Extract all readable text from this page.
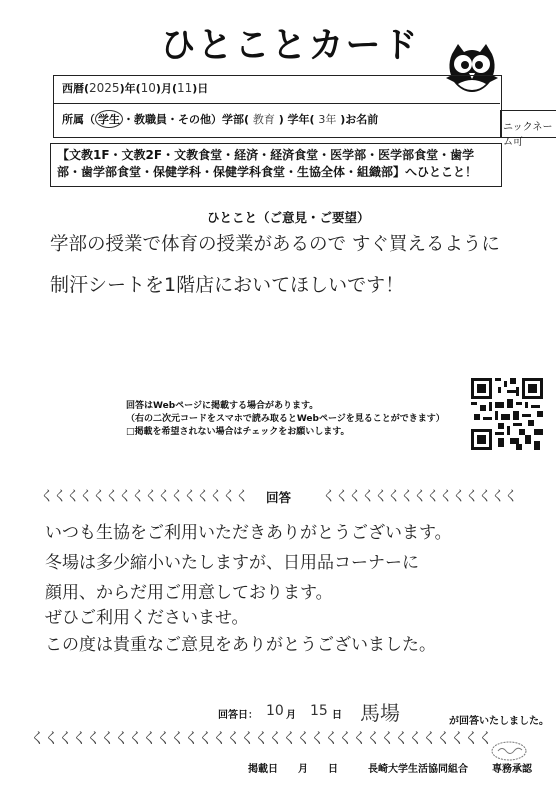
ひとことカード
西暦(2025)年(10)月(11)日
所属（ 学生 ・教職員・その他）学部( 教育 ) 学年( 3年 )お名前
ニックネーム可
【文教1F・文教2F・文教食堂・経済・経済食堂・医学部・医学部食堂・歯学部・歯学部食堂・保健学科・保健学科食堂・生協全体・組織部】へひとこと！
ひとこと（ご意見・ご要望）
学部の授業で体育の授業があるので すぐ買えるように
制汗シートを1階店においてほしいです！
回答はWebページに掲載する場合があります。
（右の二次元コードをスマホで読み取るとWebページを見ることができます）
□掲載を希望されない場合はチェックをお願いします。
くくくくくくくくくくくくくくくく 回答 くくくくくくくくくくくくくくく
いつも生協をご利用いただきありがとうございます。
冬場は多少縮小いたしますが、日用品コーナーに
顔用、からだ用ご用意しております。
ぜひご利用くださいませ。
この度は貴重なご意見をありがとうございました。
回答日： 10 月 15 日 馬場	が回答いたしました。
くくくくくくくくくくくくくくくくくくくくくくくくくくくくくくくくく
掲載日 月 日	長崎大学生活協同組合 専務承認
